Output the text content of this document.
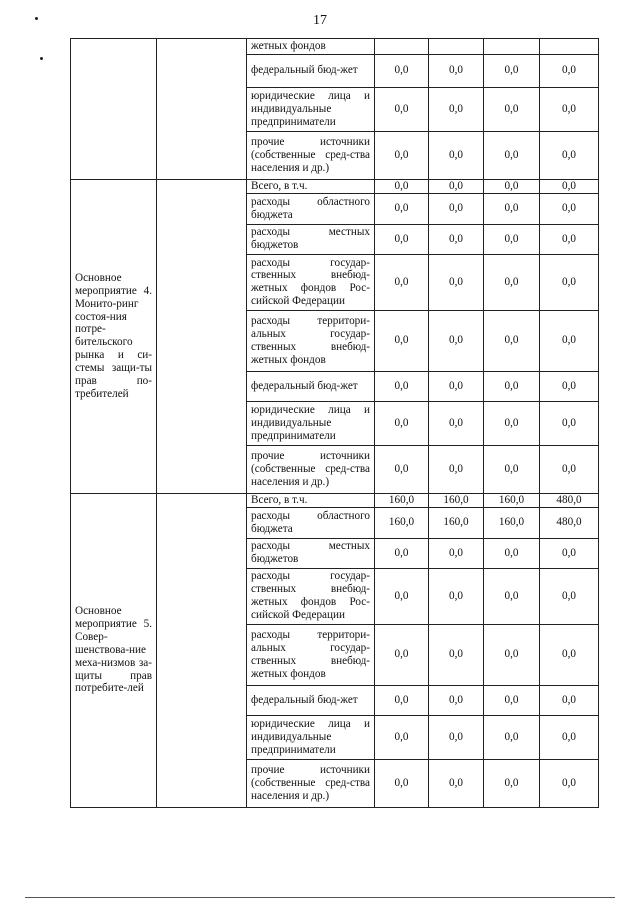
17
		жетных фондов				
		федеральный бюд-жет	0,0	0,0	0,0	0,0
		юридические лица и индивидуальные предприниматели	0,0	0,0	0,0	0,0
		прочие источники (собственные сред-ства населения и др.)	0,0	0,0	0,0	0,0
Основное мероприятие 4. Монито-ринг состоя-ния потре-бительского рынка и си-стемы защи-ты прав по-требителей		Всего, в т.ч.	0,0	0,0	0,0	0,0
		расходы областного бюджета	0,0	0,0	0,0	0,0
		расходы местных бюджетов	0,0	0,0	0,0	0,0
		расходы государ-ственных внебюд-жетных фондов Рос-сийской Федерации	0,0	0,0	0,0	0,0
		расходы территори-альных государ-ственных внебюд-жетных фондов	0,0	0,0	0,0	0,0
		федеральный бюд-жет	0,0	0,0	0,0	0,0
		юридические лица и индивидуальные предприниматели	0,0	0,0	0,0	0,0
		прочие источники (собственные сред-ства населения и др.)	0,0	0,0	0,0	0,0
Основное мероприятие 5. Совер-шенствова-ние меха-низмов за-щиты прав потребите-лей		Всего, в т.ч.	160,0	160,0	160,0	480,0
		расходы областного бюджета	160,0	160,0	160,0	480,0
		расходы местных бюджетов	0,0	0,0	0,0	0,0
		расходы государ-ственных внебюд-жетных фондов Рос-сийской Федерации	0,0	0,0	0,0	0,0
		расходы территори-альных государ-ственных внебюд-жетных фондов	0,0	0,0	0,0	0,0
		федеральный бюд-жет	0,0	0,0	0,0	0,0
		юридические лица и индивидуальные предприниматели	0,0	0,0	0,0	0,0
		прочие источники (собственные сред-ства населения и др.)	0,0	0,0	0,0	0,0
